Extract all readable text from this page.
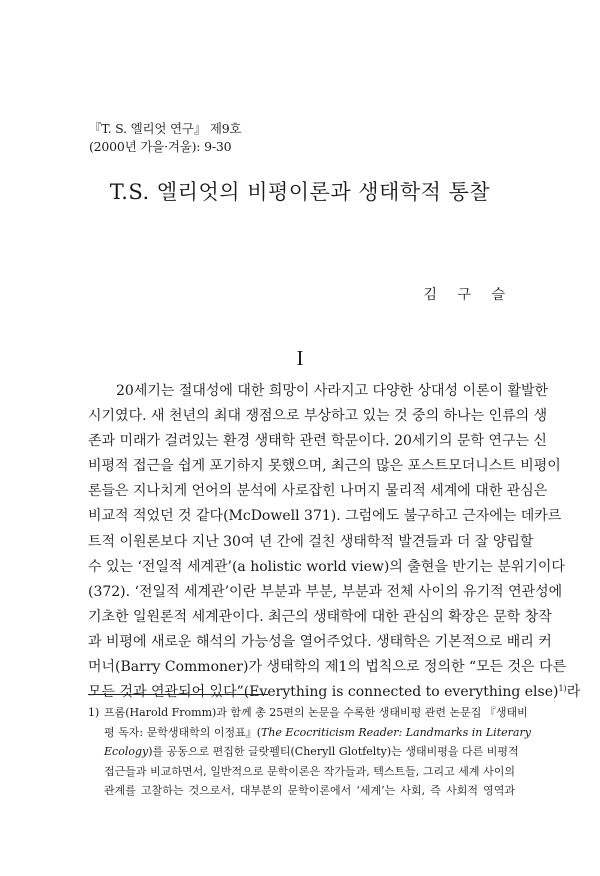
『T. S. 엘리엇 연구』 제9호
(2000년 가을·겨울): 9-30
T.S. 엘리엇의 비평이론과 생태학적 통찰
김 구 슬
I
20세기는 절대성에 대한 희망이 사라지고 다양한 상대성 이론이 활발한
시기였다. 새 천년의 최대 쟁점으로 부상하고 있는 것 중의 하나는 인류의 생
존과 미래가 걸려있는 환경 생태학 관련 학문이다. 20세기의 문학 연구는 신
비평적 접근을 쉽게 포기하지 못했으며, 최근의 많은 포스트모더니스트 비평이
론들은 지나치게 언어의 분석에 사로잡힌 나머지 물리적 세계에 대한 관심은
비교적 적었던 것 같다(McDowell 371). 그럼에도 불구하고 근자에는 데카르
트적 이원론보다 지난 30여 년 간에 걸친 생태학적 발견들과 더 잘 양립할
수 있는 ‘전일적 세계관’(a holistic world view)의 출현을 반기는 분위기이다
(372). ‘전일적 세계관’이란 부분과 부분, 부분과 전체 사이의 유기적 연관성에
기초한 일원론적 세계관이다. 최근의 생태학에 대한 관심의 확장은 문학 창작
과 비평에 새로운 해석의 가능성을 열어주었다. 생태학은 기본적으로 배리 커
머너(Barry Commoner)가 생태학의 제1의 법칙으로 정의한 “모든 것은 다른
모든 것과 연관되어 있다”(Everything is connected to everything else)$^{1)}$라
1) 프롬(Harold Fromm)과 함께 총 25편의 논문을 수록한 생태비평 관련 논문집 『생태비
평 독자: 문학생태학의 이정표』(The Ecocriticism Reader: Landmarks in Literary
Ecology)를 공동으로 편집한 글랏펠티(Cheryll Glotfelty)는 생태비평을 다른 비평적
접근들과 비교하면서, 일반적으로 문학이론은 작가들과, 텍스트들, 그리고 세계 사이의
관계를 고찰하는 것으로서, 대부분의 문학이론에서 ‘세계’는 사회, 즉 사회적 영역과
